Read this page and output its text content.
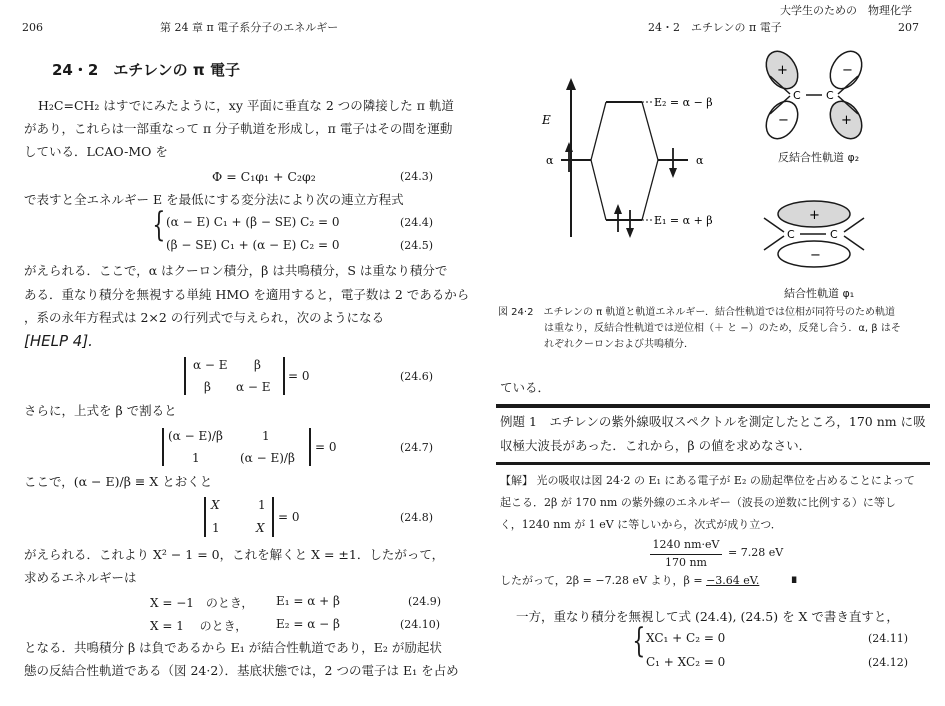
206	第 24 章 π 電子系分子のエネルギー
24・2　エチレンの π 電子
H₂C=CH₂ はすでにみたように，xy 平面に垂直な 2 つの隣接した π 軌道
があり，これらは一部重なって π 分子軌道を形成し，π 電子はその間を運動
している．LCAO-MO を
Φ = C₁φ₁ + C₂φ₂	(24.3)
で表すと全エネルギー E を最低にする変分法により次の連立方程式
{ (α − E) C₁ + (β − SE) C₂ = 0	(24.4)
(β − SE) C₁ + (α − E) C₂ = 0	(24.5)
がえられる．ここで，α はクーロン積分，β は共鳴積分，S は重なり積分で
ある．重なり積分を無視する単純 HMO を適用すると，電子数は 2 であるから
，系の永年方程式は 2×2 の行列式で与えられ，次のようになる
[HELP 4].
α − E β
β α − E
= 0	(24.6)
さらに，上式を β で割ると
(α − E)/β	1
1	(α − E)/β
= 0	(24.7)
ここで，(α − E)/β ≡ X とおくと
X	1
1	X
= 0	(24.8)
がえられる．これより X² − 1 = 0，これを解くと X = ±1．したがって，
求めるエネルギーは
X = −1　のとき， E₁ = α + β	(24.9)
X = 1　 のとき， E₂ = α − β	(24.10)
となる．共鳴積分 β は負であるから E₁ が結合性軌道であり，E₂ が励起状
態の反結合性軌道である（図 24·2）．基底状態では，2 つの電子は E₁ を占め
大学生のための　物理化学
24・2　エチレンの π 電子	207
E
α	α
E₂ = α − β
E₁ = α + β
C C
+	−
−	+
反結合性軌道 φ₂
C	C
+
−
結合性軌道 φ₁
図 24·2　エチレンの π 軌道と軌道エネルギー．結合性軌道では位相が同符号のため軌道
は重なり，反結合性軌道では逆位相（＋ と −）のため，反発し合う．α, β はそ
れぞれクーロンおよび共鳴積分．
ている．
例題 1　エチレンの紫外線吸収スペクトルを測定したところ，170 nm に吸
収極大波長があった．これから，β の値を求めなさい．
【解】 光の吸収は図 24·2 の E₁ にある電子が E₂ の励起準位を占めることによって
起こる．2β が 170 nm の紫外線のエネルギー（波長の逆数に比例する）に等し
く，1240 nm が 1 eV に等しいから，次式が成り立つ．
1240 nm·eV
170 nm
= 7.28 eV
したがって，2β = −7.28 eV より，β = −3.64 eV. ∎
一方，重なり積分を無視して式 (24.4), (24.5) を X で書き直すと，
{ XC₁ + C₂ = 0	(24.11)
C₁ + XC₂ = 0	(24.12)
